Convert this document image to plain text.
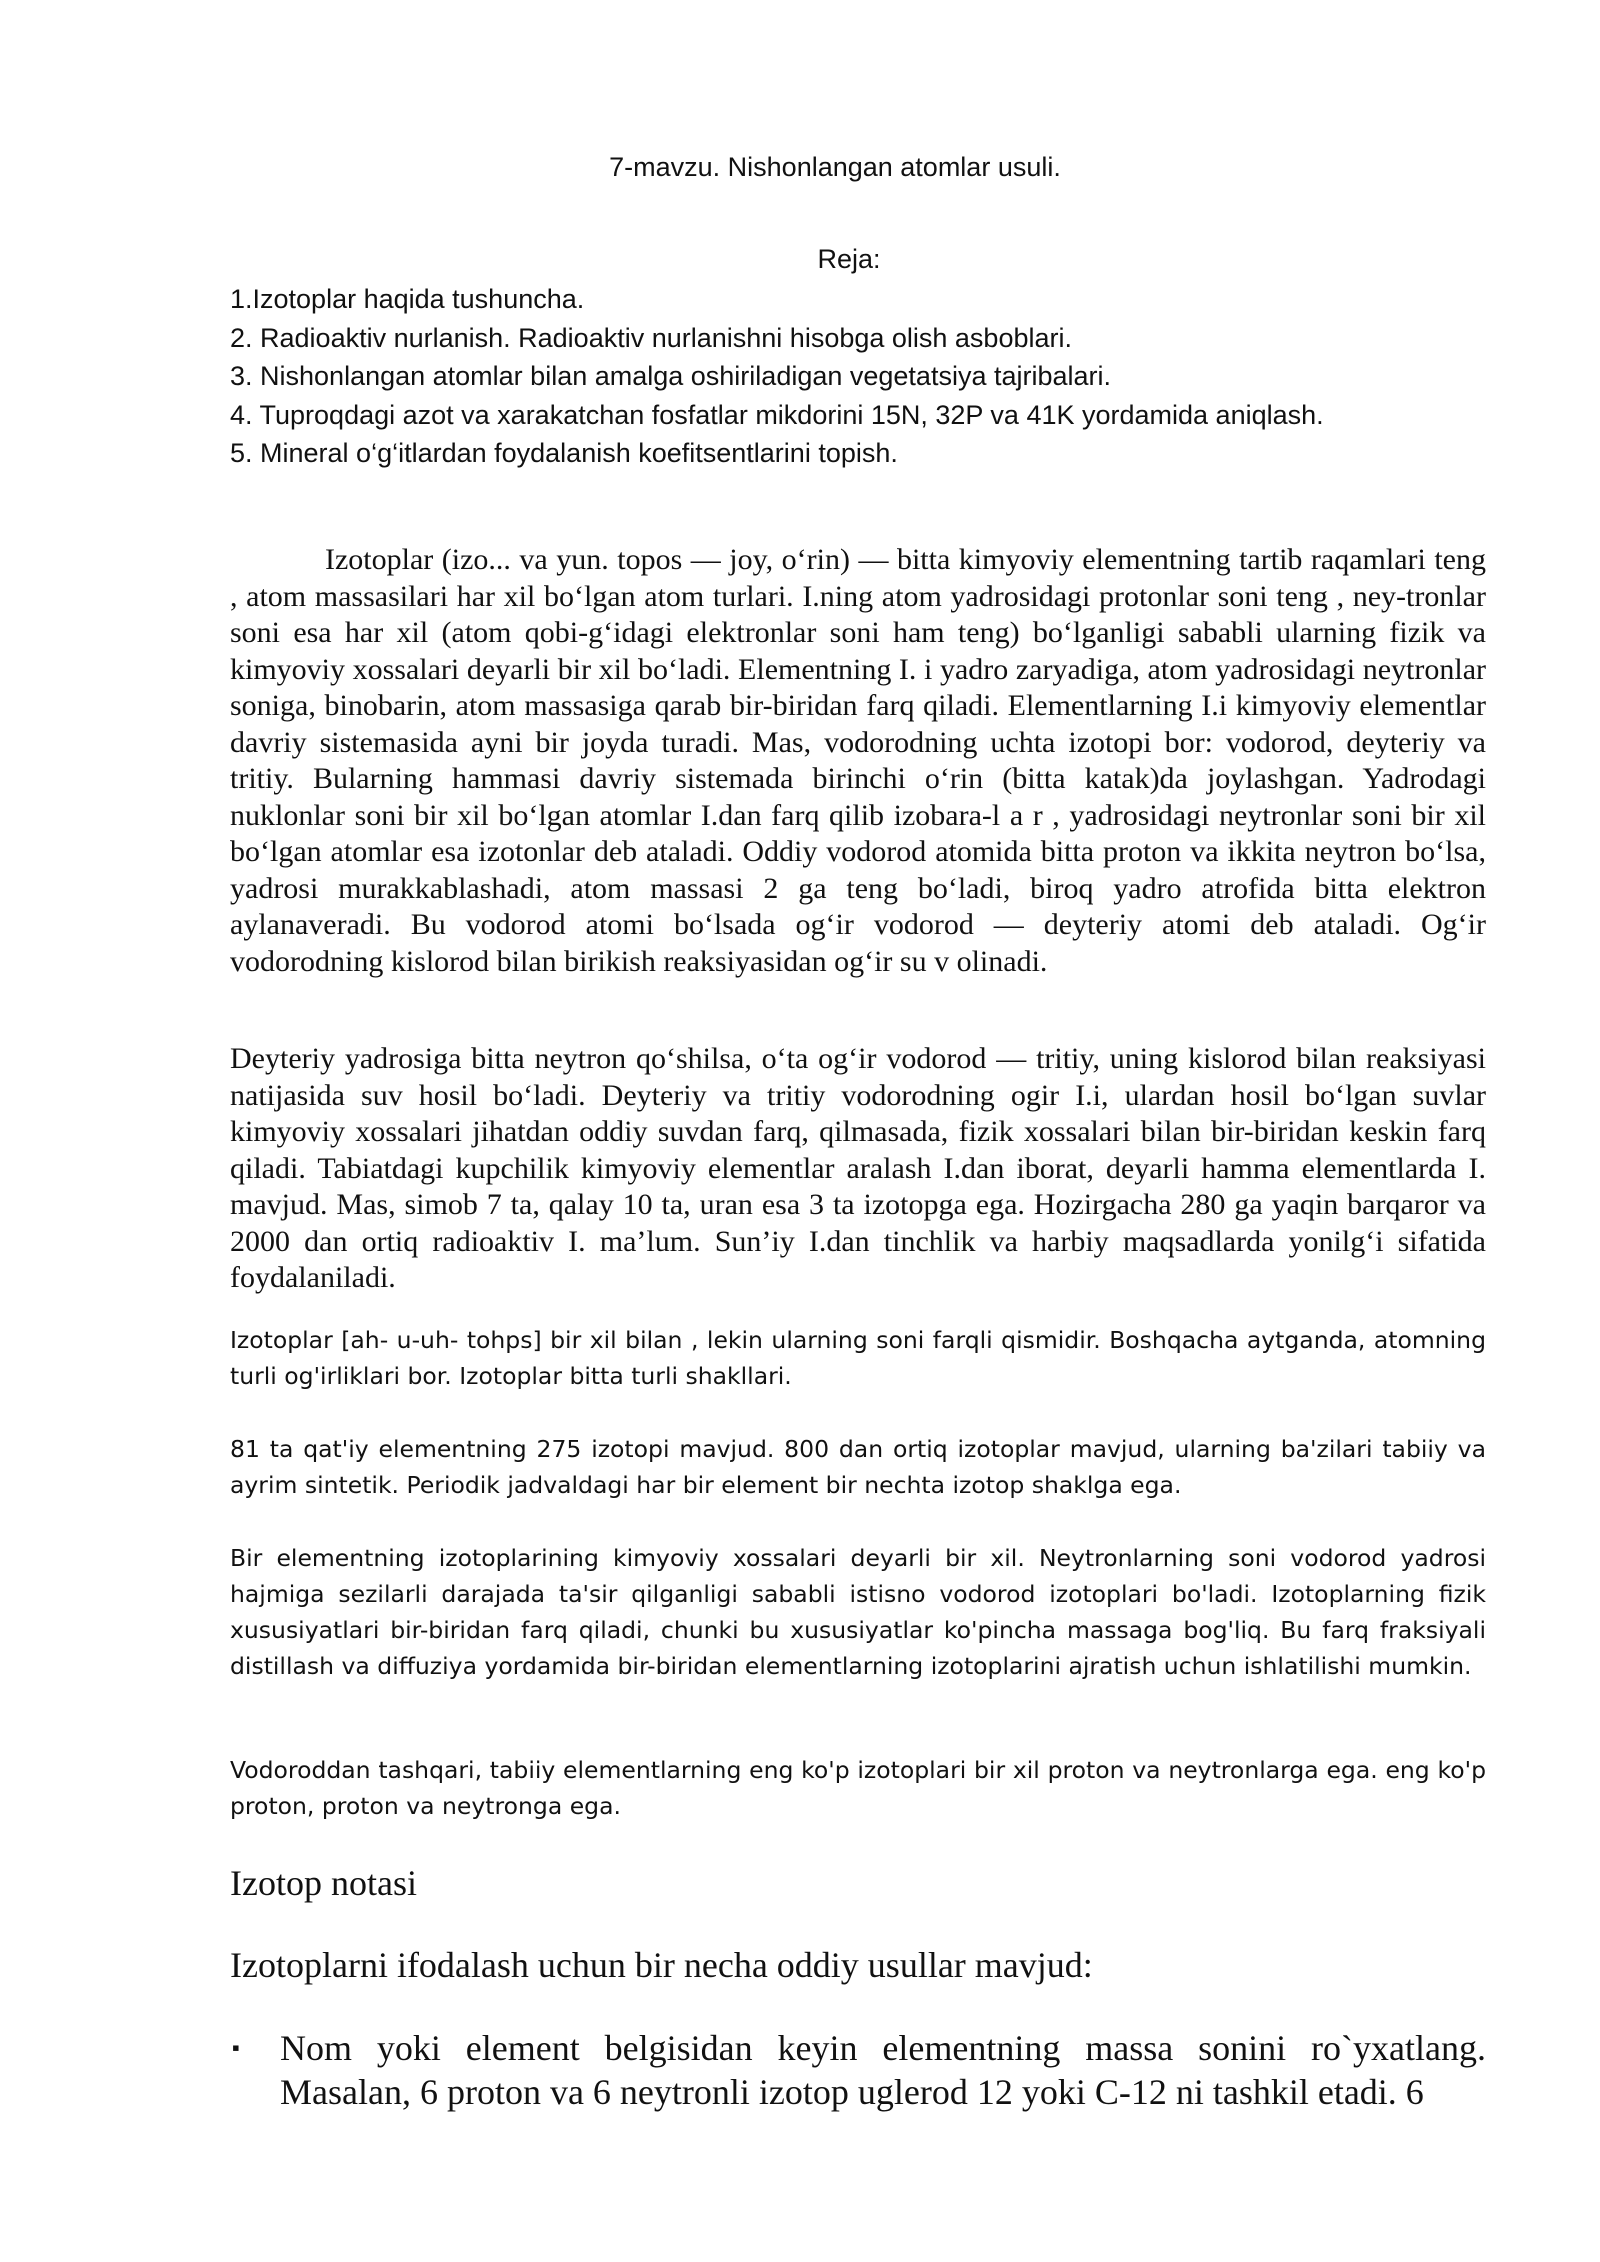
7-mavzu. Nishonlangan atomlar usuli.
Reja:
1.Izotoplar haqida tushuncha.
2. Radioaktiv nurlanish. Radioaktiv nurlanishni hisobga olish asboblari.
3. Nishonlangan atomlar bilan amalga oshiriladigan vegetatsiya tajribalari.
4. Tuproqdagi azot va xarakatchan fosfatlar mikdorini 15N, 32P va 41K yordamida aniqlash.
5. Mineral o‘g‘itlardan foydalanish koefitsentlarini topish.

Izotoplar (izo... va yun. topos — joy, o‘rin) — bitta kimyoviy elementning tartib raqamlari teng , atom massasilari har xil bo‘lgan atom turlari. I.ning atom yadrosidagi protonlar soni teng , ney-tronlar soni esa har xil (atom qobi-g‘idagi elektronlar soni ham teng) bo‘lganligi sababli ularning fizik va kimyoviy xossalari deyarli bir xil bo‘ladi. Elementning I. i yadro zaryadiga, atom yadrosidagi neytronlar soniga, binobarin, atom massasiga qarab bir-biridan farq qiladi. Elementlarning I.i kimyoviy elementlar davriy sistemasida ayni bir joyda turadi. Mas, vodorodning uchta izotopi bor: vodorod, deyteriy va tritiy. Bularning hammasi davriy sistemada birinchi o‘rin (bitta katak)da joylashgan. Yadrodagi nuklonlar soni bir xil bo‘lgan atomlar I.dan farq qilib izobara-l a r , yadrosidagi neytronlar soni bir xil bo‘lgan atomlar esa izotonlar deb ataladi. Oddiy vodorod atomida bitta proton va ikkita neytron bo‘lsa, yadrosi murakkablashadi, atom massasi 2 ga teng bo‘ladi, biroq yadro atrofida bitta elektron aylanaveradi. Bu vodorod atomi bo‘lsada og‘ir vodorod — deyteriy atomi deb ataladi. Og‘ir vodorodning kislorod bilan birikish reaksiyasidan og‘ir su v olinadi.

Deyteriy yadrosiga bitta neytron qo‘shilsa, o‘ta og‘ir vodorod — tritiy, uning kislorod bilan reaksiyasi natijasida suv hosil bo‘ladi. Deyteriy va tritiy vodorodning ogir I.i, ulardan hosil bo‘lgan suvlar kimyoviy xossalari jihatdan oddiy suvdan farq, qilmasada, fizik xossalari bilan bir-biridan keskin farq qiladi. Tabiatdagi kupchilik kimyoviy elementlar aralash I.dan iborat, deyarli hamma elementlarda I. mavjud. Mas, simob 7 ta, qalay 10 ta, uran esa 3 ta izotopga ega. Hozirgacha 280 ga yaqin barqaror va 2000 dan ortiq radioaktiv I. ma’lum. Sun’iy I.dan tinchlik va harbiy maqsadlarda yonilg‘i sifatida foydalaniladi.

Izotoplar [ah- u-uh- tohps] bir xil bilan , lekin ularning soni farqli qismidir. Boshqacha aytganda, atomning turli og'irliklari bor. Izotoplar bitta turli shakllari.

81 ta qat'iy elementning 275 izotopi mavjud. 800 dan ortiq izotoplar mavjud, ularning ba'zilari tabiiy va ayrim sintetik. Periodik jadvaldagi har bir element bir nechta izotop shaklga ega.

Bir elementning izotoplarining kimyoviy xossalari deyarli bir xil. Neytronlarning soni vodorod yadrosi hajmiga sezilarli darajada ta'sir qilganligi sababli istisno vodorod izotoplari bo'ladi. Izotoplarning fizik xususiyatlari bir-biridan farq qiladi, chunki bu xususiyatlar ko'pincha massaga bog'liq. Bu farq fraksiyali distillash va diffuziya yordamida bir-biridan elementlarning izotoplarini ajratish uchun ishlatilishi mumkin.

Vodoroddan tashqari, tabiiy elementlarning eng ko'p izotoplari bir xil proton va neytronlarga ega. eng ko'p proton, proton va neytronga ega.

Izotop notasi
Izotoplarni ifodalash uchun bir necha oddiy usullar mavjud:
▪ Nom yoki element belgisidan keyin elementning massa sonini ro`yxatlang. Masalan, 6 proton va 6 neytronli izotop uglerod 12 yoki C-12 ni tashkil etadi. 6
